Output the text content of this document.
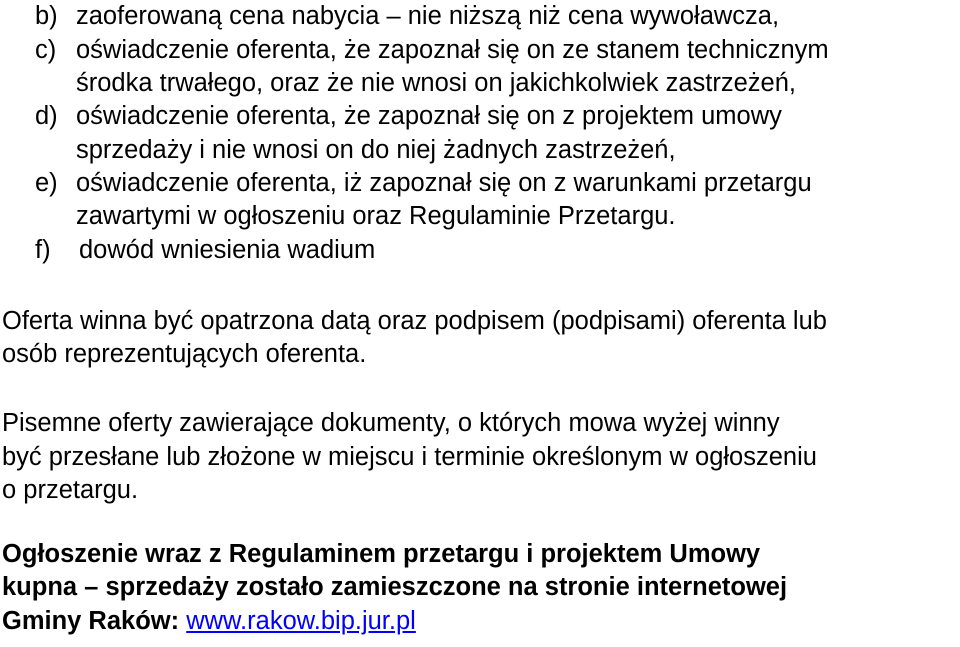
b) zaoferowaną cena nabycia – nie niższą niż cena wywoławcza,

c) oświadczenie oferenta, że zapoznał się on ze stanem technicznym

środka trwałego, oraz że nie wnosi on jakichkolwiek zastrzeżeń,

d) oświadczenie oferenta, że zapoznał się on z projektem umowy

sprzedaży i nie wnosi on do niej żadnych zastrzeżeń,

e) oświadczenie oferenta, iż zapoznał się on z warunkami przetargu

zawartymi w ogłoszeniu oraz Regulaminie Przetargu.

f) dowód wniesienia wadium

Oferta winna być opatrzona datą oraz podpisem (podpisami) oferenta lub

osób reprezentujących oferenta.

Pisemne oferty zawierające dokumenty, o których mowa wyżej winny

być przesłane lub złożone w miejscu i terminie określonym w ogłoszeniu

o przetargu.

Ogłoszenie wraz z Regulaminem przetargu i projektem Umowy

kupna – sprzedaży zostało zamieszczone na stronie internetowej

Gminy Raków: www.rakow.bip.jur.pl
